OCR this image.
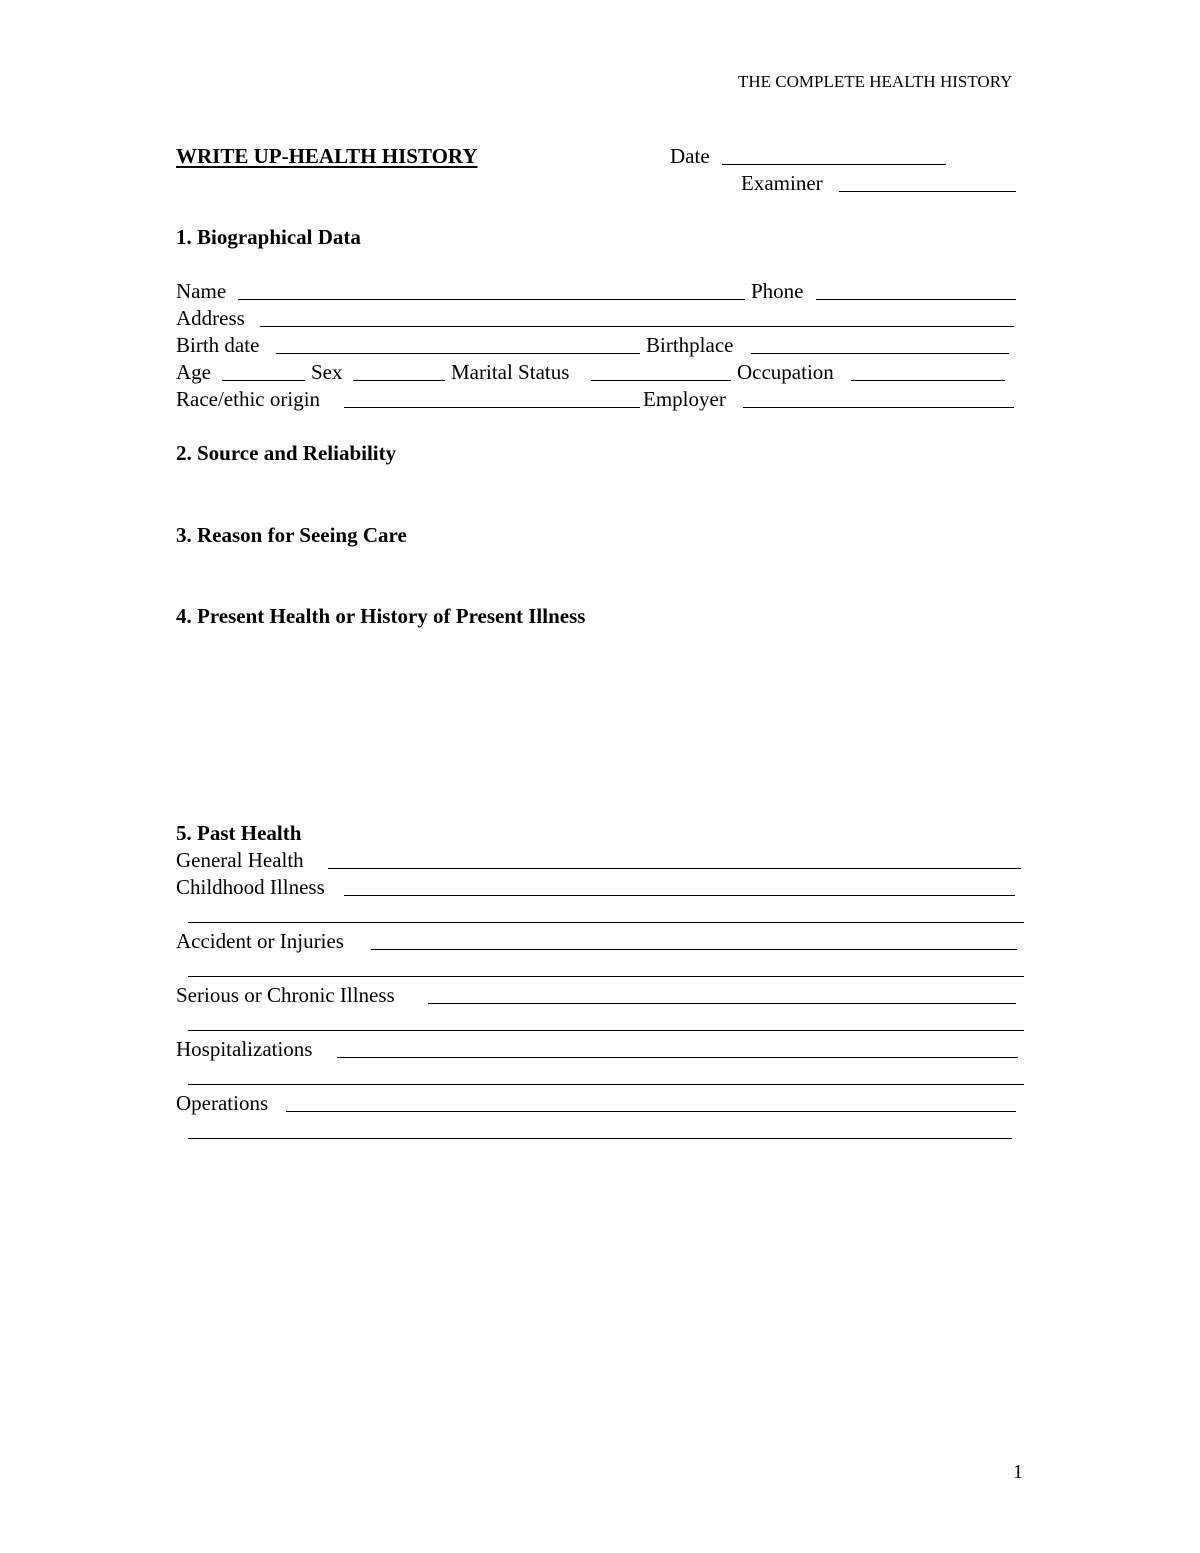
THE COMPLETE HEALTH HISTORY
WRITE UP-HEALTH HISTORY	Date
Examiner
1. Biographical Data
Name	Phone
Address
Birth date	Birthplace
Age	Sex	Marital Status	Occupation
Race/ethic origin	Employer
2. Source and Reliability
3. Reason for Seeing Care
4. Present Health or History of Present Illness
5. Past Health
General Health
Childhood Illness
Accident or Injuries
Serious or Chronic Illness
Hospitalizations
Operations
1
